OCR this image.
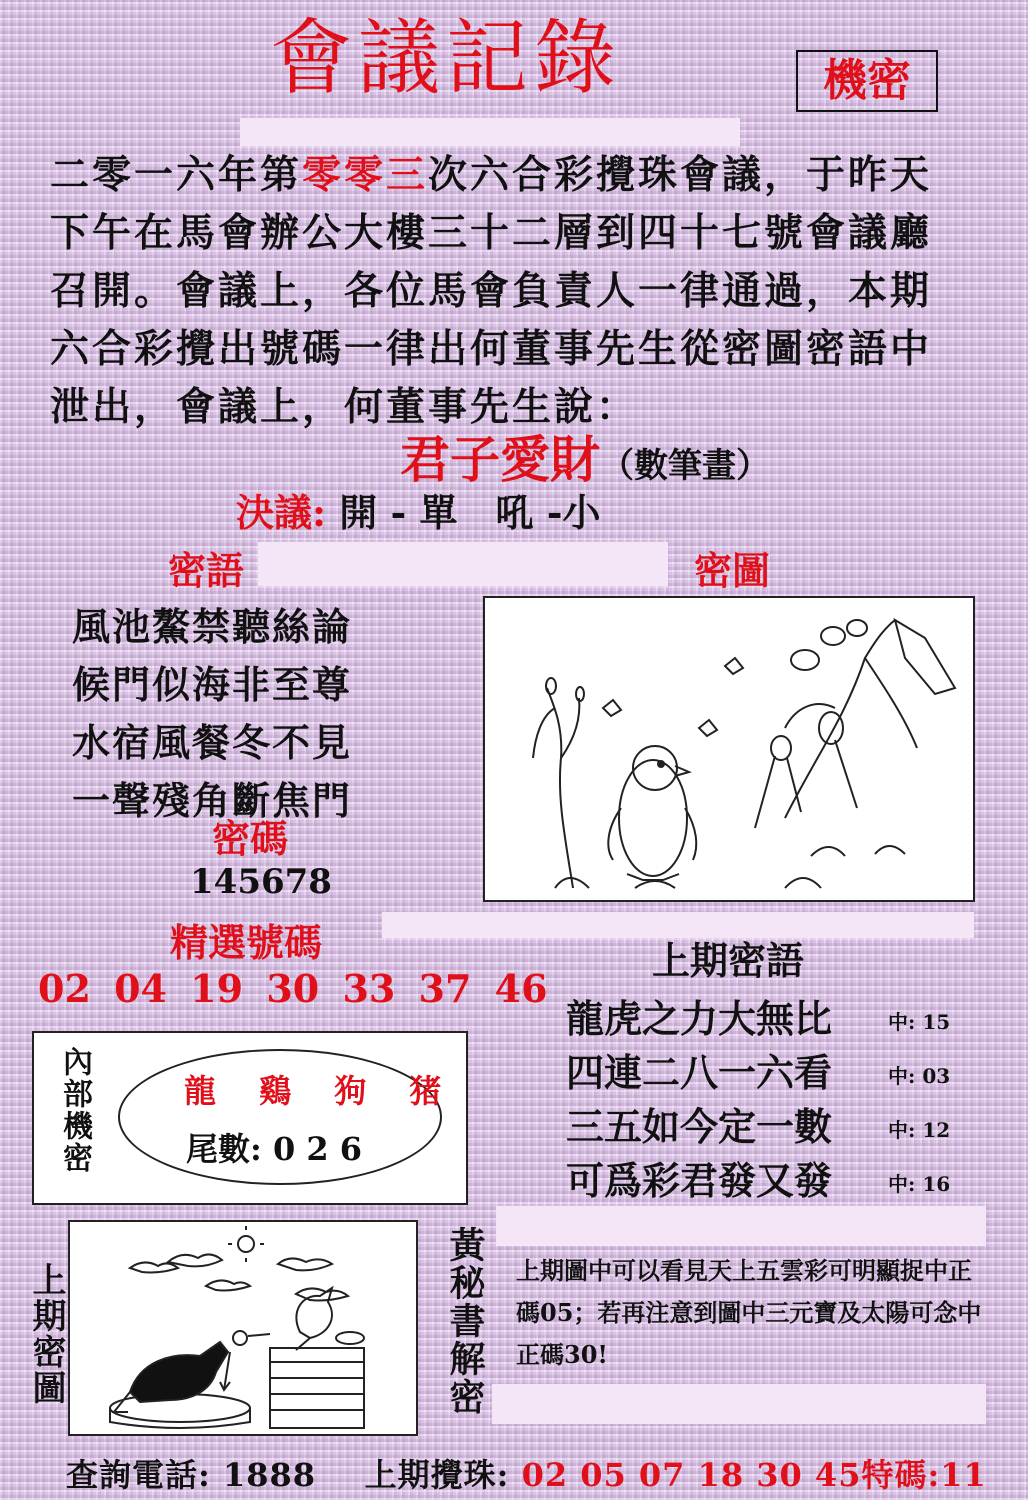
會議記錄	機密

二零一六年第零零三次六合彩攪珠會議，于昨天

下午在馬會辦公大樓三十二層到四十七號會議廳

召開。會議上，各位馬會負責人一律通過，本期

六合彩攪出號碼一律出何董事先生從密圖密語中

泄出，會議上，何董事先生說：

君子愛財（數筆畫）
決議: 開 - 單　吼 -小
密語	密圖
風池鰲禁聽絲論
候門似海非至尊
水宿風餐冬不見
一聲殘角斷焦門
密碼
145678
精選號碼
02 04 19 30 33 37 46
上期密語
龍虎之力大無比	中: 15
四連二八一六看	中: 03
三五如今定一數	中: 12
可爲彩君發又發	中: 16
內部機密	龍 鷄 狗 猪
尾數: 0 2 6
上期密圖	黃秘書解密 上期圖中可以看見天上五雲彩可明顯捉中正碼05；若再注意到圖中三元寶及太陽可念中正碼30!
查詢電話: 1888 上期攪珠: 02 05 07 18 30 45特碼:11
